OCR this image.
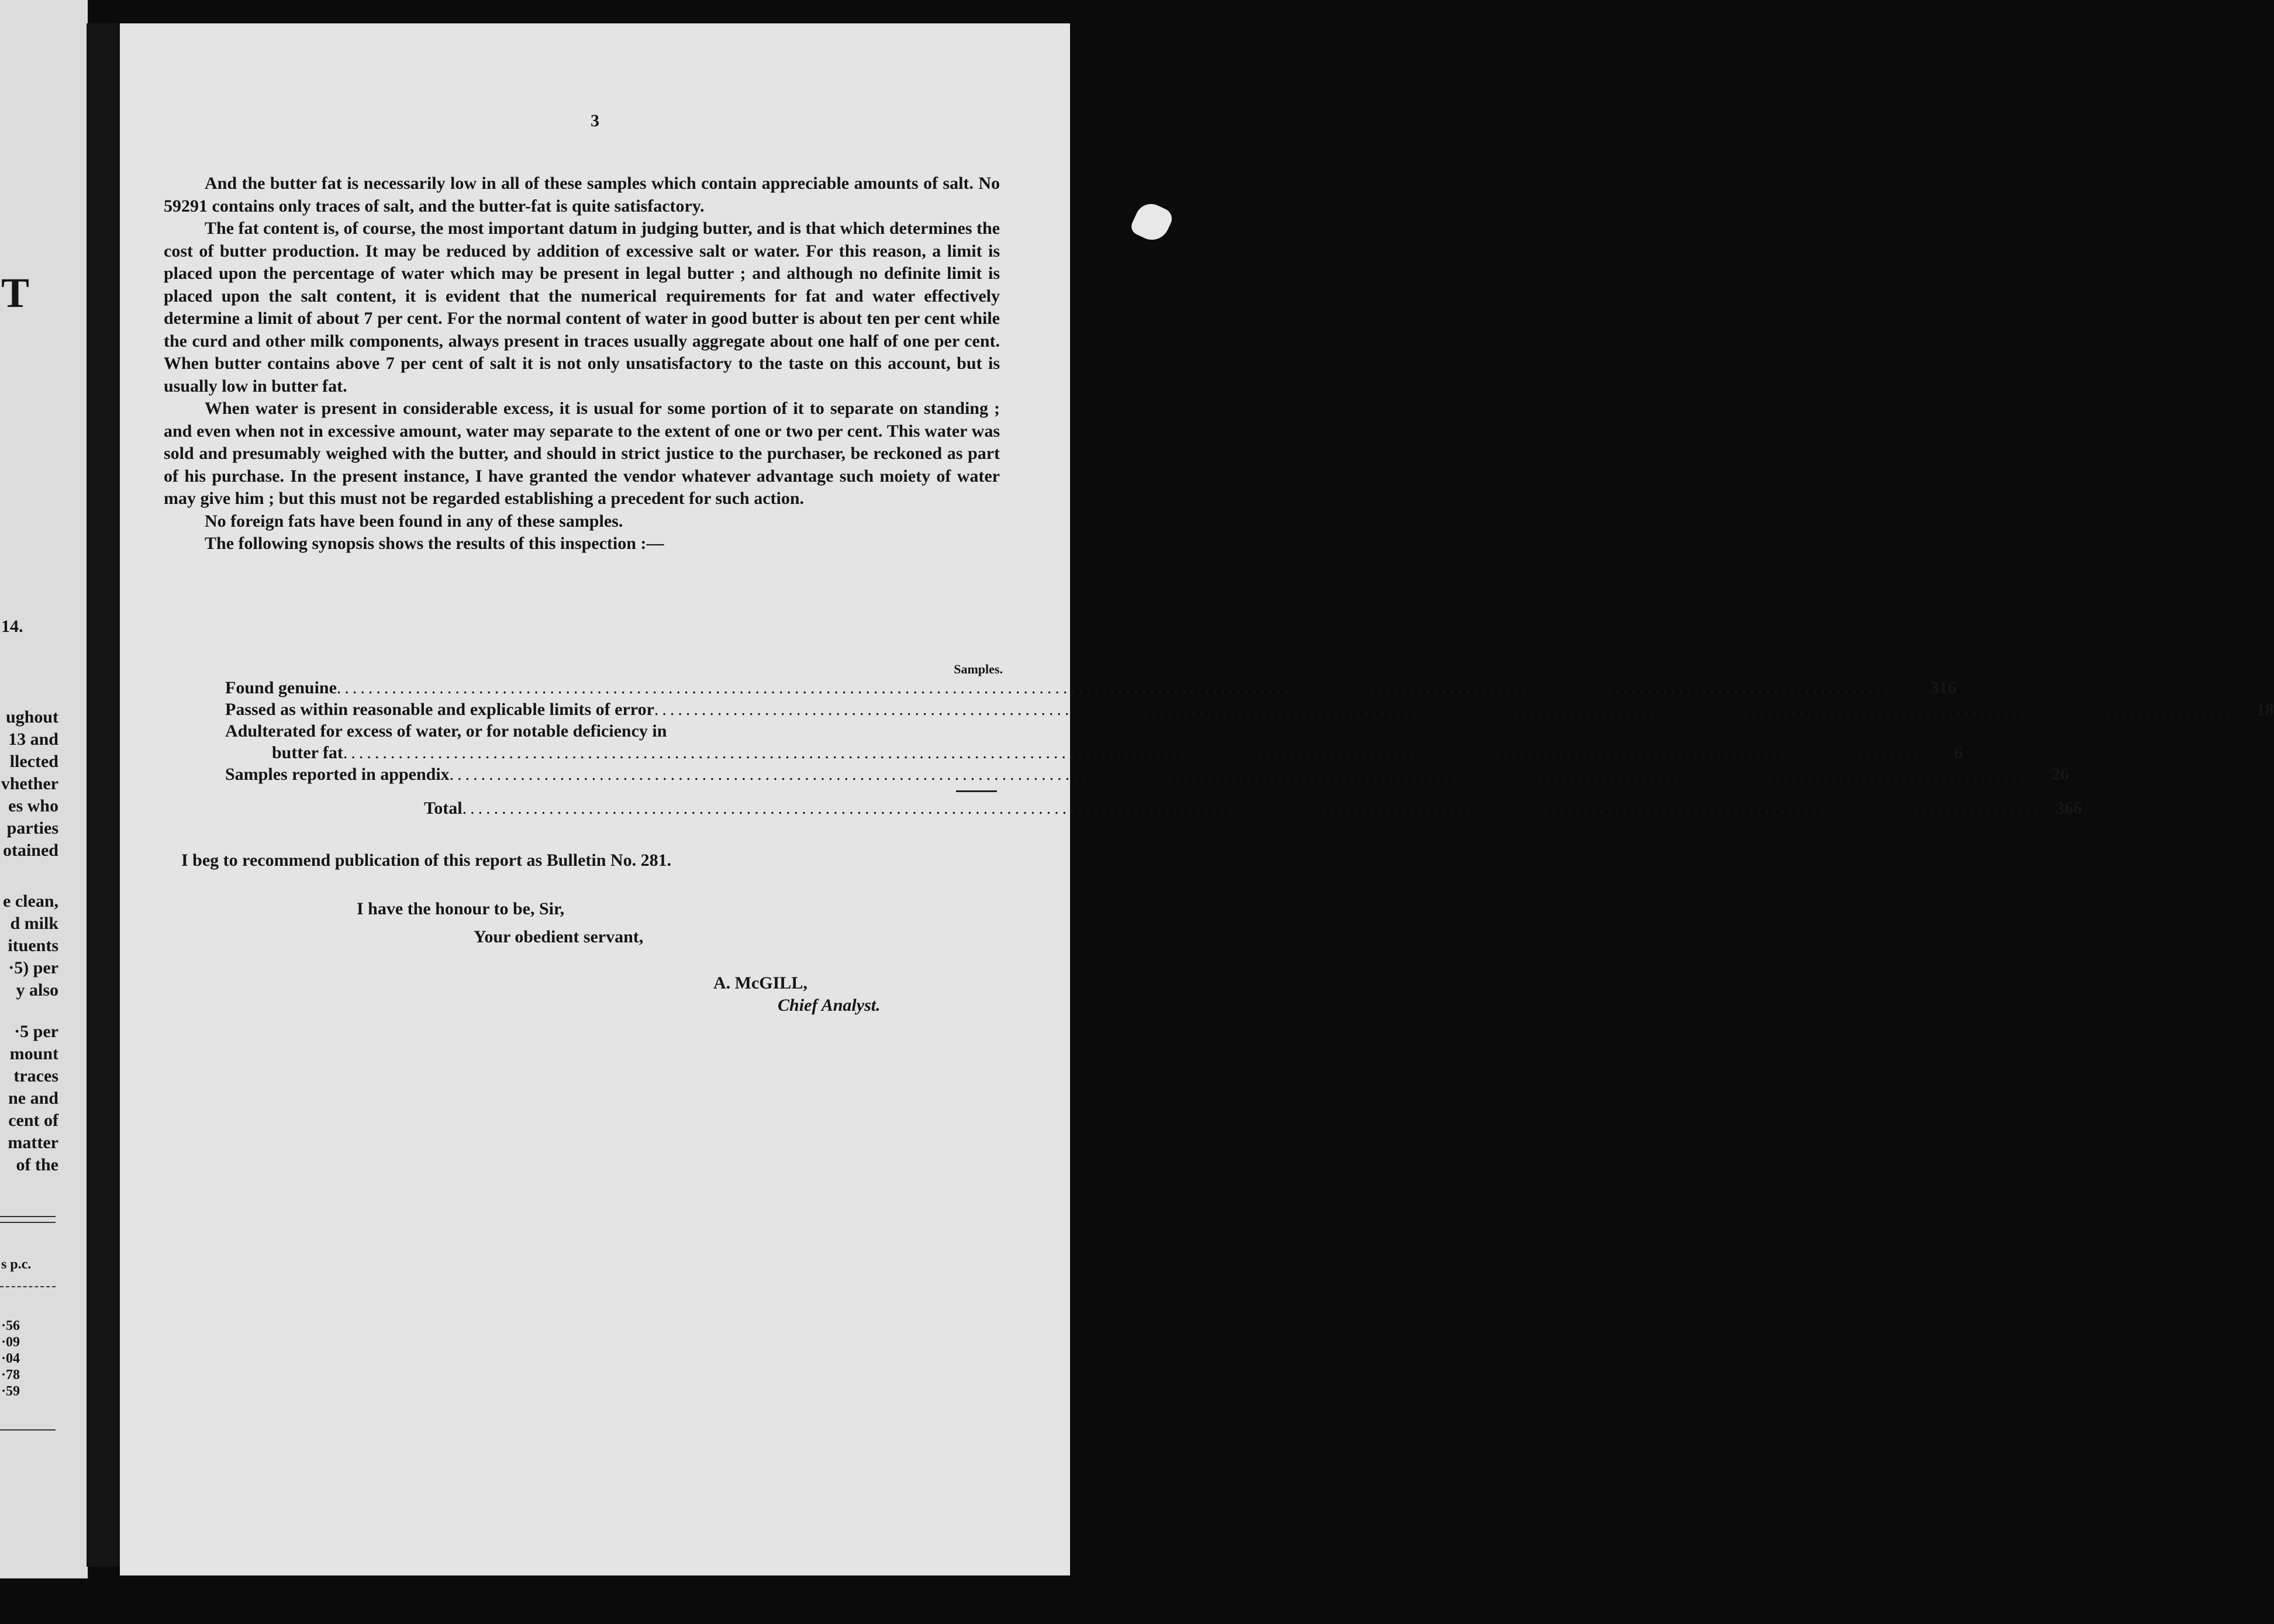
T
14.
ughout
13 and
llected
vhether
es who
parties
otained
e clean,
d milk
ituents
·5) per
y also
·5 per
mount
traces
ne and
cent of
matter
of the
s p.c.
·56
·09
·04
·78
·59
3

And the butter fat is necessarily low in all of these samples which contain appreciable amounts of salt. No 59291 contains only traces of salt, and the butter-fat is quite satisfactory.

The fat content is, of course, the most important datum in judging butter, and is that which determines the cost of butter production. It may be reduced by addition of excessive salt or water. For this reason, a limit is placed upon the percentage of water which may be present in legal butter ; and although no definite limit is placed upon the salt content, it is evident that the numerical requirements for fat and water effectively determine a limit of about 7 per cent. For the normal content of water in good butter is about ten per cent while the curd and other milk components, always present in traces usually aggregate about one half of one per cent. When butter contains above 7 per cent of salt it is not only unsatisfactory to the taste on this account, but is usually low in butter fat.

When water is present in considerable excess, it is usual for some portion of it to separate on standing ; and even when not in excessive amount, water may separate to the extent of one or two per cent. This water was sold and presumably weighed with the butter, and should in strict justice to the purchaser, be reckoned as part of his purchase. In the present instance, I have granted the vendor whatever advantage such moiety of water may give him ; but this must not be regarded establishing a precedent for such action.

No foreign fats have been found in any of these samples.

The following synopsis shows the results of this inspection :—

Samples.
Found genuine ........................................................................................................................................................................................................ 316
Passed as within reasonable and explicable limits of error ........................................................................................................................................................................................................	18
Adulterated for excess of water, or for notable deficiency in
butter fat ........................................................................................................................................................................................................	6
Samples reported in appendix ........................................................................................................................................................................................................	26
Total ........................................................................................................................................................................................................ 366
I beg to recommend publication of this report as Bulletin No. 281.
I have the honour to be, Sir,
Your obedient servant,
A. McGILL,
Chief Analyst.
